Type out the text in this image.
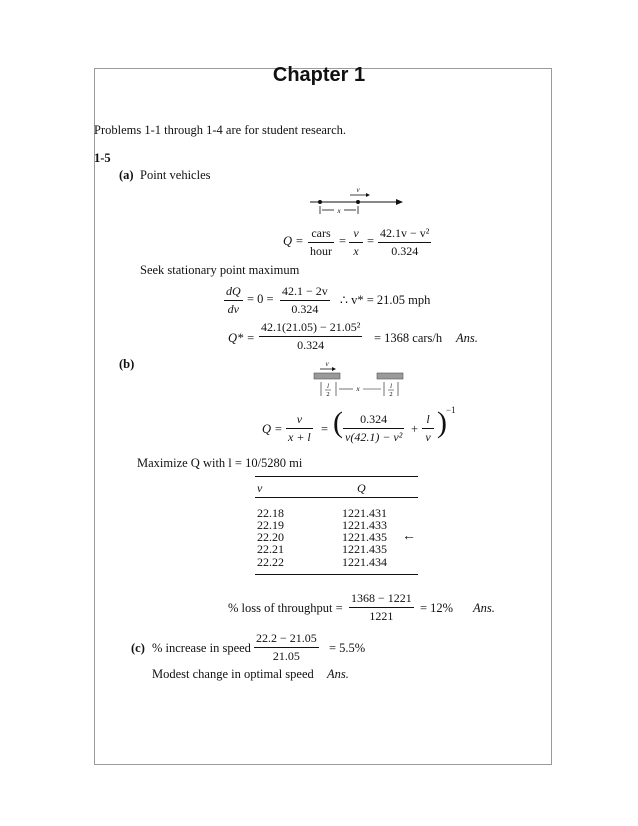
Chapter 1
Problems 1-1 through 1-4 are for student research.
1-5
(a) Point vehicles
v
x
Q =
cars
hour
=
v
x
=
42.1v − v²
0.324
Seek stationary point maximum
dQ
dv
= 0 =
42.1 − 2v
0.324
∴ v* = 21.05 mph
Q* =
42.1(21.05) − 21.05²
0.324	= 1368 cars/h Ans.
(b)	v
l
2
x	l
2
Q =
v
x + l
= ( 0.324
v(42.1) − v²
+
l
v ) −1
Maximize Q with l = 10/5280 mi
v	Q
22.18	1221.431
22.19	1221.433
22.20	1221.435 ←
22.21	1221.435
22.22	1221.434
% loss of throughput =
1368 − 1221
1221
= 12% Ans.
(c) % increase in speed
22.2 − 21.05
21.05
= 5.5%
Modest change in optimal speed Ans.
